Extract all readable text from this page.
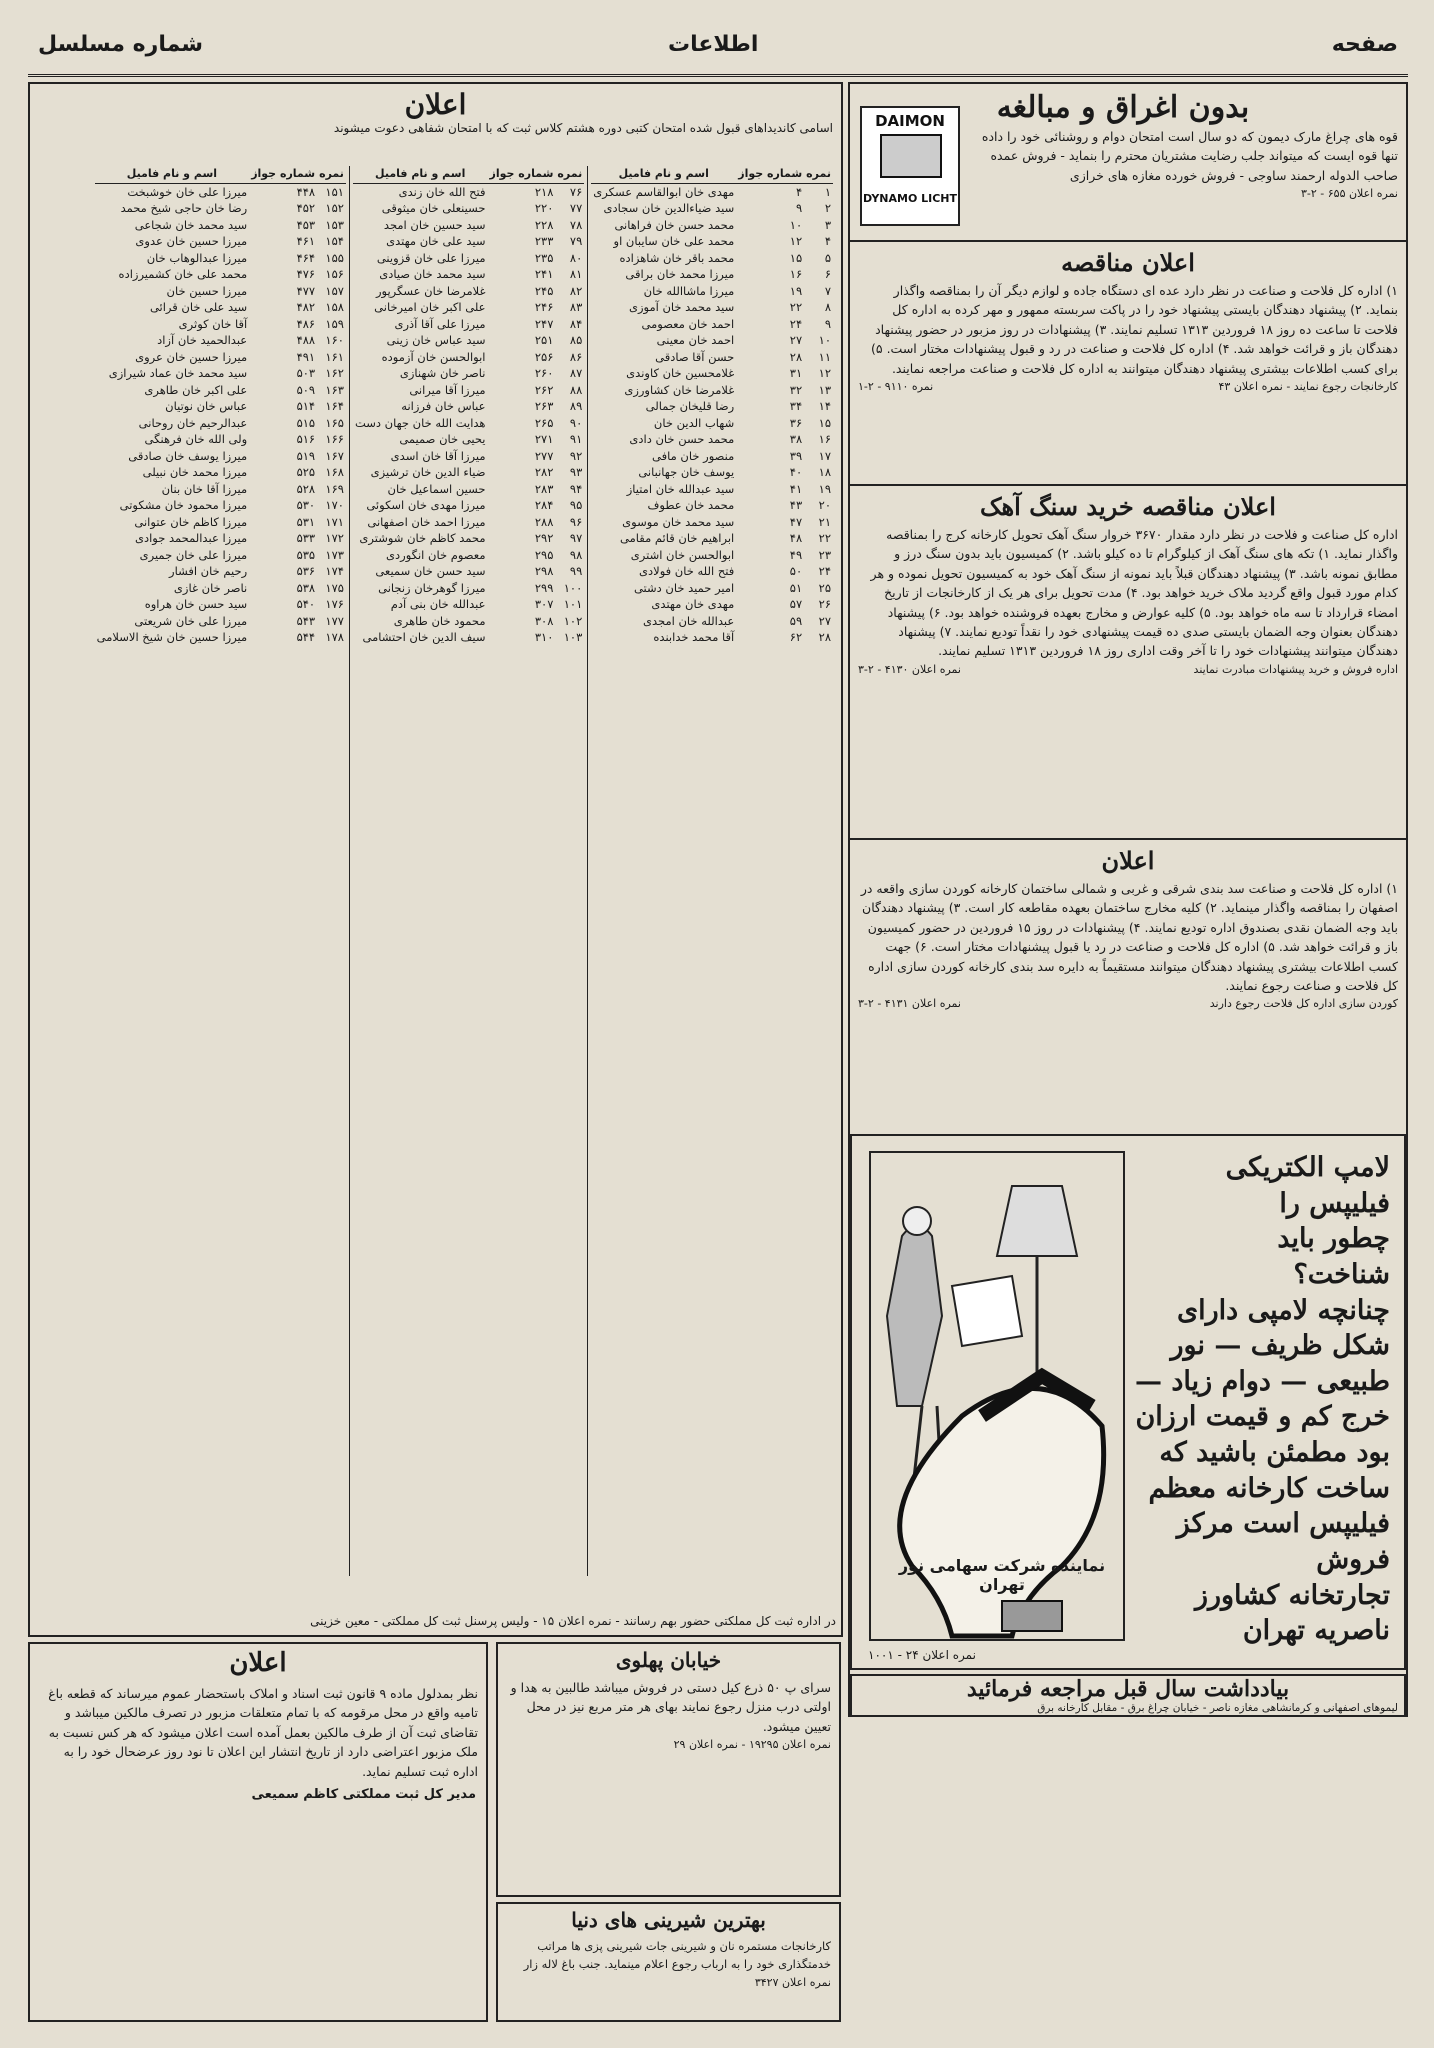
صفحه
اطلاعات
شماره مسلسل
بدون اغراق و مبالغه
DAIMON
DYNAMO LICHT

قوه های چراغ مارک دیمون که دو سال است امتحان دوام و روشنائی خود را داده تنها قوه ایست که میتواند جلب رضایت مشتریان محترم را بنماید - فروش عمده صاحب الدوله ارحمند ساوجی - فروش خورده مغازه های خرازی

نمره اعلان ۶۵۵ - ۲-۳
اعلان مناقصه

۱) اداره کل فلاحت و صناعت در نظر دارد عده ای دستگاه جاده و لوازم دیگر آن را بمناقصه واگذار بنماید. ۲) پیشنهاد دهندگان بایستی پیشنهاد خود را در پاکت سربسته ممهور و مهر کرده به اداره کل فلاحت تا ساعت ده روز ۱۸ فروردین ۱۳۱۳ تسلیم نمایند. ۳) پیشنهادات در روز مزبور در حضور پیشنهاد دهندگان باز و قرائت خواهد شد. ۴) اداره کل فلاحت و صناعت در رد و قبول پیشنهادات مختار است. ۵) برای کسب اطلاعات بیشتری پیشنهاد دهندگان میتوانند به اداره کل فلاحت و صناعت مراجعه نمایند.

کارخانجات رجوع نمایند - نمره اعلان ۴۳
نمره ۹۱۱۰ - ۲-۱
اعلان مناقصه خرید سنگ آهک

اداره کل صناعت و فلاحت در نظر دارد مقدار ۳۶۷۰ خروار سنگ آهک تحویل کارخانه کرج را بمناقصه واگذار نماید. ۱) تکه های سنگ آهک از کیلوگرام تا ده کیلو باشد. ۲) کمیسیون باید بدون سنگ درز و مطابق نمونه باشد. ۳) پیشنهاد دهندگان قبلاً باید نمونه از سنگ آهک خود به کمیسیون تحویل نموده و هر کدام مورد قبول واقع گردید ملاک خرید خواهد بود. ۴) مدت تحویل برای هر یک از کارخانجات از تاریخ امضاء قرارداد تا سه ماه خواهد بود. ۵) کلیه عوارض و مخارج بعهده فروشنده خواهد بود. ۶) پیشنهاد دهندگان بعنوان وجه الضمان بایستی صدی ده قیمت پیشنهادی خود را نقداً تودیع نمایند. ۷) پیشنهاد دهندگان میتوانند پیشنهادات خود را تا آخر وقت اداری روز ۱۸ فروردین ۱۳۱۳ تسلیم نمایند.

اداره فروش و خرید پیشنهادات مبادرت نمایند
نمره اعلان ۴۱۳۰ - ۲-۳
اعلان

۱) اداره کل فلاحت و صناعت سد بندی شرقی و غربی و شمالی ساختمان کارخانه کوردن سازی واقعه در اصفهان را بمناقصه واگذار مینماید. ۲) کلیه مخارج ساختمان بعهده مقاطعه کار است. ۳) پیشنهاد دهندگان باید وجه الضمان نقدی بصندوق اداره تودیع نمایند. ۴) پیشنهادات در روز ۱۵ فروردین در حضور کمیسیون باز و قرائت خواهد شد. ۵) اداره کل فلاحت و صناعت در رد یا قبول پیشنهادات مختار است. ۶) جهت کسب اطلاعات بیشتری پیشنهاد دهندگان میتوانند مستقیماً به دایره سد بندی کارخانه کوردن سازی اداره کل فلاحت و صناعت رجوع نمایند.

کوردن سازی اداره کل فلاحت رجوع دارند
نمره اعلان ۴۱۳۱ - ۲-۳
لامپ الکتریکی
فیلیپس را
چطور باید
شناخت؟
چنانچه لامپی دارای
شکل ظریف — نور
طبیعی — دوام زیاد —
خرج کم و قیمت ارزان
بود مطمئن باشید که
ساخت کارخانه معظم
فیلیپس است مرکز فروش
تجارتخانه کشاورز
ناصریه تهران
نماینده شرکت سهامی نور تهران
نمره اعلان ۲۴ - ۱۰۰۱
بیادداشت سال قبل مراجعه فرمائید
لیموهای اصفهانی و کرمانشاهی مغازه ناصر - خیابان چراغ برق - مقابل کارخانه برق
اعلان
اسامی کاندیداهای قبول شده امتحان کتبی دوره هشتم کلاس ثبت که با امتحان شفاهی دعوت میشوند
نمره	شماره جواز	اسم و نام فامیل
۱	۴	مهدی خان ابوالقاسم عسکری
۲	۹	سید ضیاءالدین خان سجادی
۳	۱۰	محمد حسن خان فراهانی
۴	۱۲	محمد علی خان سایبان او
۵	۱۵	محمد باقر خان شاهزاده
۶	۱۶	میرزا محمد خان براقی
۷	۱۹	میرزا ماشاالله خان
۸	۲۲	سید محمد خان آموزی
۹	۲۴	احمد خان معصومی
۱۰	۲۷	احمد خان معینی
۱۱	۲۸	حسن آقا صادقی
۱۲	۳۱	غلامحسین خان کاوندی
۱۳	۳۲	غلامرضا خان کشاورزی
۱۴	۳۴	رضا قلیخان جمالی
۱۵	۳۶	شهاب الدین خان
۱۶	۳۸	محمد حسن خان دادی
۱۷	۳۹	منصور خان مافی
۱۸	۴۰	یوسف خان جهانبانی
۱۹	۴۱	سید عبدالله خان امتیاز
۲۰	۴۳	محمد خان عطوف
۲۱	۴۷	سید محمد خان موسوی
۲۲	۴۸	ابراهیم خان قائم مقامی
۲۳	۴۹	ابوالحسن خان اشتری
۲۴	۵۰	فتح الله خان فولادی
۲۵	۵۱	امیر حمید خان دشتی
۲۶	۵۷	مهدی خان مهتدی
۲۷	۵۹	عبدالله خان امجدی
۲۸	۶۲	آقا محمد خدابنده
نمره	شماره جواز	اسم و نام فامیل
۷۶	۲۱۸	فتح الله خان زندی
۷۷	۲۲۰	حسینعلی خان میثوقی
۷۸	۲۲۸	سید حسین خان امجد
۷۹	۲۳۳	سید علی خان مهتدی
۸۰	۲۳۵	میرزا علی خان قزوینی
۸۱	۲۴۱	سید محمد خان صیادی
۸۲	۲۴۵	غلامرضا خان عسگرپور
۸۳	۲۴۶	علی اکبر خان امیرخانی
۸۴	۲۴۷	میرزا علی آقا آذری
۸۵	۲۵۱	سید عباس خان زینی
۸۶	۲۵۶	ابوالحسن خان آزموده
۸۷	۲۶۰	ناصر خان شهنازی
۸۸	۲۶۲	میرزا آقا میرانی
۸۹	۲۶۳	عباس خان فرزانه
۹۰	۲۶۵	هدایت الله خان جهان دست
۹۱	۲۷۱	یحیی خان صمیمی
۹۲	۲۷۷	میرزا آقا خان اسدی
۹۳	۲۸۲	ضیاء الدین خان ترشیزی
۹۴	۲۸۳	حسین اسماعیل خان
۹۵	۲۸۴	میرزا مهدی خان اسکوئی
۹۶	۲۸۸	میرزا احمد خان اصفهانی
۹۷	۲۹۲	محمد کاظم خان شوشتری
۹۸	۲۹۵	معصوم خان انگوردی
۹۹	۲۹۸	سید حسن خان سمیعی
۱۰۰	۲۹۹	میرزا گوهرخان زنجانی
۱۰۱	۳۰۷	عبدالله خان بنی آدم
۱۰۲	۳۰۸	محمود خان طاهری
۱۰۳	۳۱۰	سیف الدین خان احتشامی
نمره	شماره جواز	اسم و نام فامیل
۱۵۱	۴۴۸	میرزا علی خان خوشبخت
۱۵۲	۴۵۲	رضا خان حاجی شیخ محمد
۱۵۳	۴۵۳	سید محمد خان شجاعی
۱۵۴	۴۶۱	میرزا حسین خان عدوی
۱۵۵	۴۶۴	میرزا عبدالوهاب خان
۱۵۶	۴۷۶	محمد علی خان کشمیرزاده
۱۵۷	۴۷۷	میرزا حسین خان
۱۵۸	۴۸۲	سید علی خان قرائی
۱۵۹	۴۸۶	آقا خان کوثری
۱۶۰	۴۸۸	عبدالحمید خان آزاد
۱۶۱	۴۹۱	میرزا حسین خان عروی
۱۶۲	۵۰۳	سید محمد خان عماد شیرازی
۱۶۳	۵۰۹	علی اکبر خان طاهری
۱۶۴	۵۱۴	عباس خان نوتیان
۱۶۵	۵۱۵	عبدالرحیم خان روحانی
۱۶۶	۵۱۶	ولی الله خان فرهنگی
۱۶۷	۵۱۹	میرزا یوسف خان صادقی
۱۶۸	۵۲۵	میرزا محمد خان نبیلی
۱۶۹	۵۲۸	میرزا آقا خان بنان
۱۷۰	۵۳۰	میرزا محمود خان مشکوتی
۱۷۱	۵۳۱	میرزا کاظم خان عتوانی
۱۷۲	۵۳۳	میرزا عبدالمحمد جوادی
۱۷۳	۵۳۵	میرزا علی خان جمیری
۱۷۴	۵۳۶	رحیم خان افشار
۱۷۵	۵۳۸	ناصر خان غازی
۱۷۶	۵۴۰	سید حسن خان هراوه
۱۷۷	۵۴۳	میرزا علی خان شریعتی
۱۷۸	۵۴۴	میرزا حسین خان شیخ الاسلامی
در اداره ثبت کل مملکتی حضور بهم رسانند - نمره اعلان ۱۵ - ولیس پرسنل ثبت کل مملکتی - معین خزینی
اعلان

نظر بمدلول ماده ۹ قانون ثبت اسناد و املاک باستحضار عموم میرساند که قطعه باغ تامیه واقع در محل مرقومه که با تمام متعلقات مزبور در تصرف مالکین میباشد و تقاضای ثبت آن از طرف مالکین بعمل آمده است اعلان میشود که هر کس نسبت به ملک مزبور اعتراضی دارد از تاریخ انتشار این اعلان تا نود روز عرضحال خود را به اداره ثبت تسلیم نماید.

مدیر کل ثبت مملکتی کاظم سمیعی
خیابان پهلوی

سرای پ ۵۰ ذرع کیل دستی در فروش میباشد طالبین به هدا و اولتی درب منزل رجوع نمایند بهای هر متر مربع نیز در محل تعیین میشود.

نمره اعلان ۱۹۲۹۵ - نمره اعلان ۲۹
بهترین شیرینی های دنیا

کارخانجات مستمره نان و شیرینی جات شیرینی پزی ها مراتب خدمتگذاری خود را به ارباب رجوع اعلام مینماید. جنب باغ لاله زار

نمره اعلان ۳۴۲۷
